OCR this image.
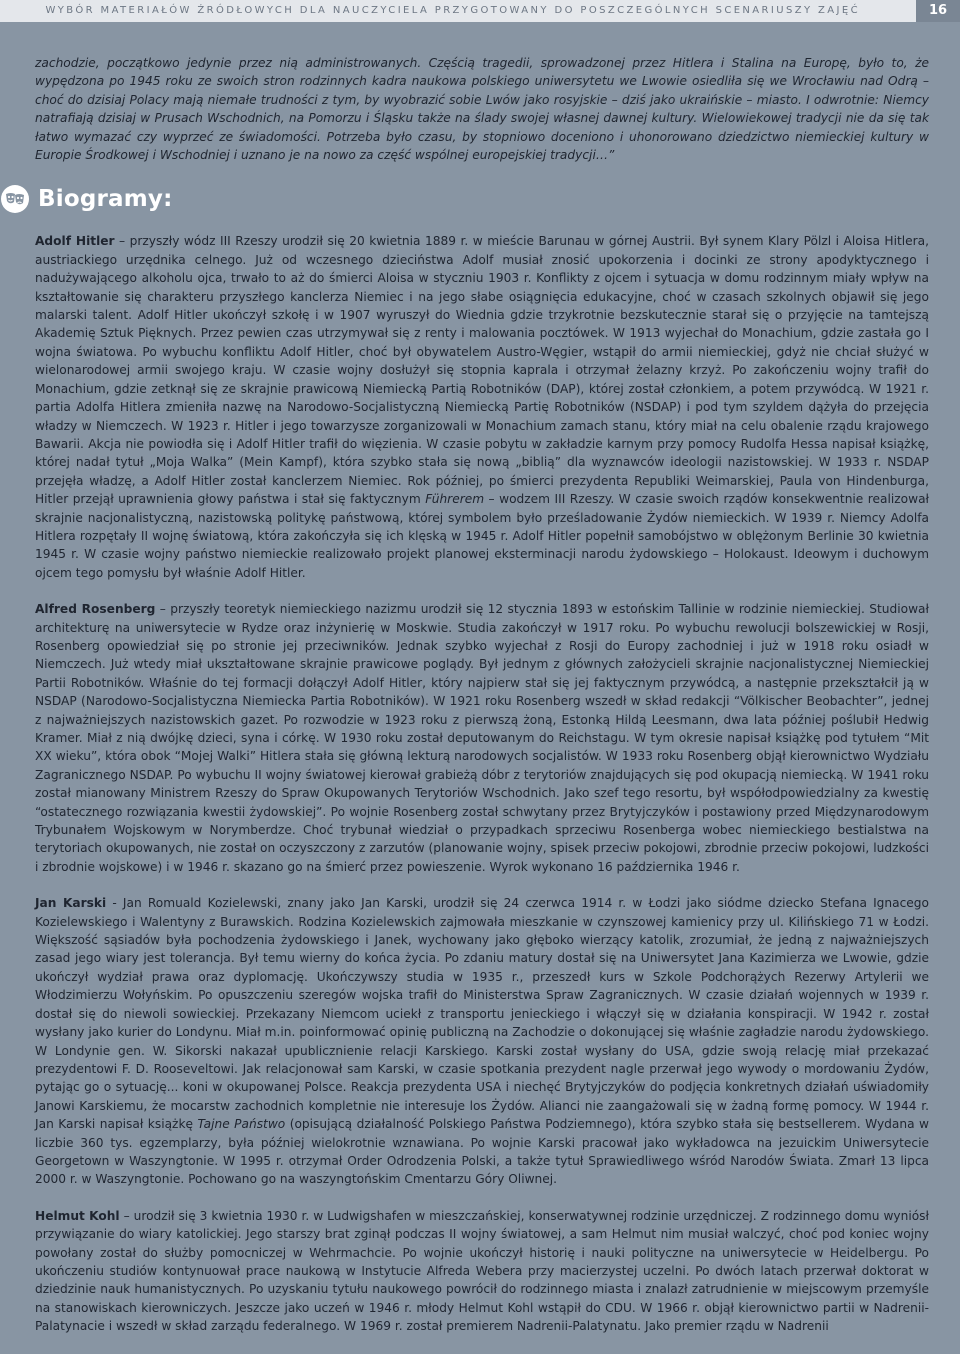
WYBÓR MATERIAŁÓW ŹRÓDŁOWYCH DLA NAUCZYCIELA PRZYGOTOWANY DO POSZCZEGÓLNYCH SCENARIUSZY ZAJĘĆ	16

zachodzie, początkowo jedynie przez nią administrowanych. Częścią tragedii, sprowadzonej przez Hitlera i Stalina na Europę, było to, że wypędzona po 1945 roku ze swoich stron rodzinnych kadra naukowa polskiego uniwersytetu we Lwowie osiedliła się we Wrocławiu nad Odrą – choć do dzisiaj Polacy mają niemałe trudności z tym, by wyobrazić sobie Lwów jako rosyjskie – dziś jako ukraińskie – miasto. I odwrotnie: Niemcy natrafiają dzisiaj w Prusach Wschodnich, na Pomorzu i Śląsku także na ślady swojej własnej dawnej kultury. Wielowiekowej tradycji nie da się tak łatwo wymazać czy wyprzeć ze świadomości. Potrzeba było czasu, by stopniowo doceniono i uhonorowano dziedzictwo niemieckiej kultury w Europie Środkowej i Wschodniej i uznano je na nowo za część wspólnej europejskiej tradycji…”

Biogramy:

Adolf Hitler – przyszły wódz III Rzeszy urodził się 20 kwietnia 1889 r. w mieście Barunau w górnej Austrii. Był synem Klary Pölzl i Aloisa Hitlera, austriackiego urzędnika celnego. Już od wczesnego dzieciństwa Adolf musiał znosić upokorzenia i docinki ze strony apodyktycznego i nadużywającego alkoholu ojca, trwało to aż do śmierci Aloisa w styczniu 1903 r. Konflikty z ojcem i sytuacja w domu rodzinnym miały wpływ na kształtowanie się charakteru przyszłego kanclerza Niemiec i na jego słabe osiągnięcia edukacyjne, choć w czasach szkolnych objawił się jego malarski talent. Adolf Hitler ukończył szkołę i w 1907 wyruszył do Wiednia gdzie trzykrotnie bezskutecznie starał się o przyjęcie na tamtejszą Akademię Sztuk Pięknych. Przez pewien czas utrzymywał się z renty i malowania pocztówek. W 1913 wyjechał do Monachium, gdzie zastała go I wojna światowa. Po wybuchu konfliktu Adolf Hitler, choć był obywatelem Austro-Węgier, wstąpił do armii niemieckiej, gdyż nie chciał służyć w wielonarodowej armii swojego kraju. W czasie wojny dosłużył się stopnia kaprala i otrzymał żelazny krzyż. Po zakończeniu wojny trafił do Monachium, gdzie zetknął się ze skrajnie prawicową Niemiecką Partią Robotników (DAP), której został członkiem, a potem przywódcą. W 1921 r. partia Adolfa Hitlera zmieniła nazwę na Narodowo-Socjalistyczną Niemiecką Partię Robotników (NSDAP) i pod tym szyldem dążyła do przejęcia władzy w Niemczech. W 1923 r. Hitler i jego towarzysze zorganizowali w Monachium zamach stanu, który miał na celu obalenie rządu krajowego Bawarii. Akcja nie powiodła się i Adolf Hitler trafił do więzienia. W czasie pobytu w zakładzie karnym przy pomocy Rudolfa Hessa napisał książkę, której nadał tytuł „Moja Walka” (Mein Kampf), która szybko stała się nową „biblią” dla wyznawców ideologii nazistowskiej. W 1933 r. NSDAP przejęła władzę, a Adolf Hitler został kanclerzem Niemiec. Rok później, po śmierci prezydenta Republiki Weimarskiej, Paula von Hindenburga, Hitler przejął uprawnienia głowy państwa i stał się faktycznym Führerem – wodzem III Rzeszy. W czasie swoich rządów konsekwentnie realizował skrajnie nacjonalistyczną, nazistowską politykę państwową, której symbolem było prześladowanie Żydów niemieckich. W 1939 r. Niemcy Adolfa Hitlera rozpętały II wojnę światową, która zakończyła się ich klęską w 1945 r. Adolf Hitler popełnił samobójstwo w oblężonym Berlinie 30 kwietnia 1945 r. W czasie wojny państwo niemieckie realizowało projekt planowej eksterminacji narodu żydowskiego – Holokaust. Ideowym i duchowym ojcem tego pomysłu był właśnie Adolf Hitler.

Alfred Rosenberg – przyszły teoretyk niemieckiego nazizmu urodził się 12 stycznia 1893 w estońskim Tallinie w rodzinie niemieckiej. Studiował architekturę na uniwersytecie w Rydze oraz inżynierię w Moskwie. Studia zakończył w 1917 roku. Po wybuchu rewolucji bolszewickiej w Rosji, Rosenberg opowiedział się po stronie jej przeciwników. Jednak szybko wyjechał z Rosji do Europy zachodniej i już w 1918 roku osiadł w Niemczech. Już wtedy miał ukształtowane skrajnie prawicowe poglądy. Był jednym z głównych założycieli skrajnie nacjonalistycznej Niemieckiej Partii Robotników. Właśnie do tej formacji dołączył Adolf Hitler, który najpierw stał się jej faktycznym przywódcą, a następnie przekształcił ją w NSDAP (Narodowo-Socjalistyczna Niemiecka Partia Robotników). W 1921 roku Rosenberg wszedł w skład redakcji “Völkischer Beobachter”, jednej z najważniejszych nazistowskich gazet. Po rozwodzie w 1923 roku z pierwszą żoną, Estonką Hildą Leesmann, dwa lata później poślubił Hedwig Kramer. Miał z nią dwójkę dzieci, syna i córkę. W 1930 roku został deputowanym do Reichstagu. W tym okresie napisał książkę pod tytułem “Mit XX wieku”, która obok “Mojej Walki” Hitlera stała się główną lekturą narodowych socjalistów. W 1933 roku Rosenberg objął kierownictwo Wydziału Zagranicznego NSDAP. Po wybuchu II wojny światowej kierował grabieżą dóbr z terytoriów znajdujących się pod okupacją niemiecką. W 1941 roku został mianowany Ministrem Rzeszy do Spraw Okupowanych Terytoriów Wschodnich. Jako szef tego resortu, był współodpowiedzialny za kwestię “ostatecznego rozwiązania kwestii żydowskiej”. Po wojnie Rosenberg został schwytany przez Brytyjczyków i postawiony przed Międzynarodowym Trybunałem Wojskowym w Norymberdze. Choć trybunał wiedział o przypadkach sprzeciwu Rosenberga wobec niemieckiego bestialstwa na terytoriach okupowanych, nie został on oczyszczony z zarzutów (planowanie wojny, spisek przeciw pokojowi, zbrodnie przeciw pokojowi, ludzkości i zbrodnie wojskowe) i w 1946 r. skazano go na śmierć przez powieszenie. Wyrok wykonano 16 października 1946 r.

Jan Karski - Jan Romuald Kozielewski, znany jako Jan Karski, urodził się 24 czerwca 1914 r. w Łodzi jako siódme dziecko Stefana Ignacego Kozielewskiego i Walentyny z Burawskich. Rodzina Kozielewskich zajmowała mieszkanie w czynszowej kamienicy przy ul. Kilińskiego 71 w Łodzi. Większość sąsiadów była pochodzenia żydowskiego i Janek, wychowany jako głęboko wierzący katolik, zrozumiał, że jedną z najważniejszych zasad jego wiary jest tolerancja. Był temu wierny do końca życia. Po zdaniu matury dostał się na Uniwersytet Jana Kazimierza we Lwowie, gdzie ukończył wydział prawa oraz dyplomację. Ukończywszy studia w 1935 r., przeszedł kurs w Szkole Podchorążych Rezerwy Artylerii we Włodzimierzu Wołyńskim. Po opuszczeniu szeregów wojska trafił do Ministerstwa Spraw Zagranicznych. W czasie działań wojennych w 1939 r. dostał się do niewoli sowieckiej. Przekazany Niemcom uciekł z transportu jenieckiego i włączył się w działania konspiracji. W 1942 r. został wysłany jako kurier do Londynu. Miał m.in. poinformować opinię publiczną na Zachodzie o dokonującej się właśnie zagładzie narodu żydowskiego. W Londynie gen. W. Sikorski nakazał upublicznienie relacji Karskiego. Karski został wysłany do USA, gdzie swoją relację miał przekazać prezydentowi F. D. Rooseveltowi. Jak relacjonował sam Karski, w czasie spotkania prezydent nagle przerwał jego wywody o mordowaniu Żydów, pytając go o sytuację... koni w okupowanej Polsce. Reakcja prezydenta USA i niechęć Brytyjczyków do podjęcia konkretnych działań uświadomiły Janowi Karskiemu, że mocarstw zachodnich kompletnie nie interesuje los Żydów. Alianci nie zaangażowali się w żadną formę pomocy. W 1944 r. Jan Karski napisał książkę Tajne Państwo (opisującą działalność Polskiego Państwa Podziemnego), która szybko stała się bestsellerem. Wydana w liczbie 360 tys. egzemplarzy, była później wielokrotnie wznawiana. Po wojnie Karski pracował jako wykładowca na jezuickim Uniwersytecie Georgetown w Waszyngtonie. W 1995 r. otrzymał Order Odrodzenia Polski, a także tytuł Sprawiedliwego wśród Narodów Świata. Zmarł 13 lipca 2000 r. w Waszyngtonie. Pochowano go na waszyngtońskim Cmentarzu Góry Oliwnej.

Helmut Kohl – urodził się 3 kwietnia 1930 r. w Ludwigshafen w mieszczańskiej, konserwatywnej rodzinie urzędniczej. Z rodzinnego domu wyniósł przywiązanie do wiary katolickiej. Jego starszy brat zginął podczas II wojny światowej, a sam Helmut nim musiał walczyć, choć pod koniec wojny powołany został do służby pomocniczej w Wehrmachcie. Po wojnie ukończył historię i nauki polityczne na uniwersytecie w Heidelbergu. Po ukończeniu studiów kontynuował prace naukową w Instytucie Alfreda Webera przy macierzystej uczelni. Po dwóch latach przerwał doktorat w dziedzinie nauk humanistycznych. Po uzyskaniu tytułu naukowego powrócił do rodzinnego miasta i znalazł zatrudnienie w miejscowym przemyśle na stanowiskach kierowniczych. Jeszcze jako uczeń w 1946 r. młody Helmut Kohl wstąpił do CDU. W 1966 r. objął kierownictwo partii w Nadrenii-Palatynacie i wszedł w skład zarządu federalnego. W 1969 r. został premierem Nadrenii-Palatynatu. Jako premier rządu w Nadrenii
